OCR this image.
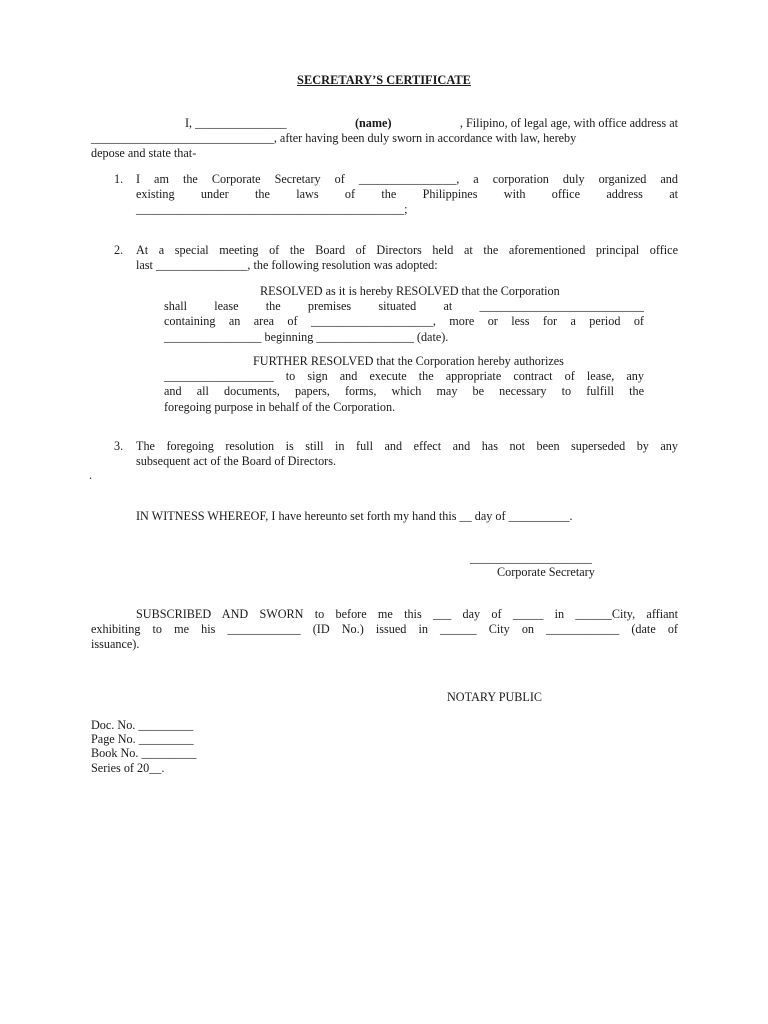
SECRETARY’S CERTIFICATE
I, _______________	(name)	, Filipino, of legal age, with office address at
______________________________, after having been duly sworn in accordance with law, hereby
depose and state that-
1. I am the Corporate Secretary of ________________, a corporation duly organized and
existing under the laws of the Philippines with office address at
____________________________________________;
2. At a special meeting of the Board of Directors held at the aforementioned principal office
last _______________, the following resolution was adopted:
RESOLVED as it is hereby RESOLVED that the Corporation
shall lease the premises situated at ___________________________
containing an area of ____________________, more or less for a period of
________________ beginning ________________ (date).
FURTHER RESOLVED that the Corporation hereby authorizes
__________________ to sign and execute the appropriate contract of lease, any
and all documents, papers, forms, which may be necessary to fulfill the
foregoing purpose in behalf of the Corporation.
3. The foregoing resolution is still in full and effect and has not been superseded by any
subsequent act of the Board of Directors.
.
IN WITNESS WHEREOF, I have hereunto set forth my hand this __ day of __________.
____________________
Corporate Secretary
SUBSCRIBED AND SWORN to before me this ___ day of _____ in ______City, affiant
exhibiting to me his ____________ (ID No.) issued in ______ City on ____________ (date of
issuance).
NOTARY PUBLIC
Doc. No. _________
Page No. _________
Book No. _________
Series of 20__.
